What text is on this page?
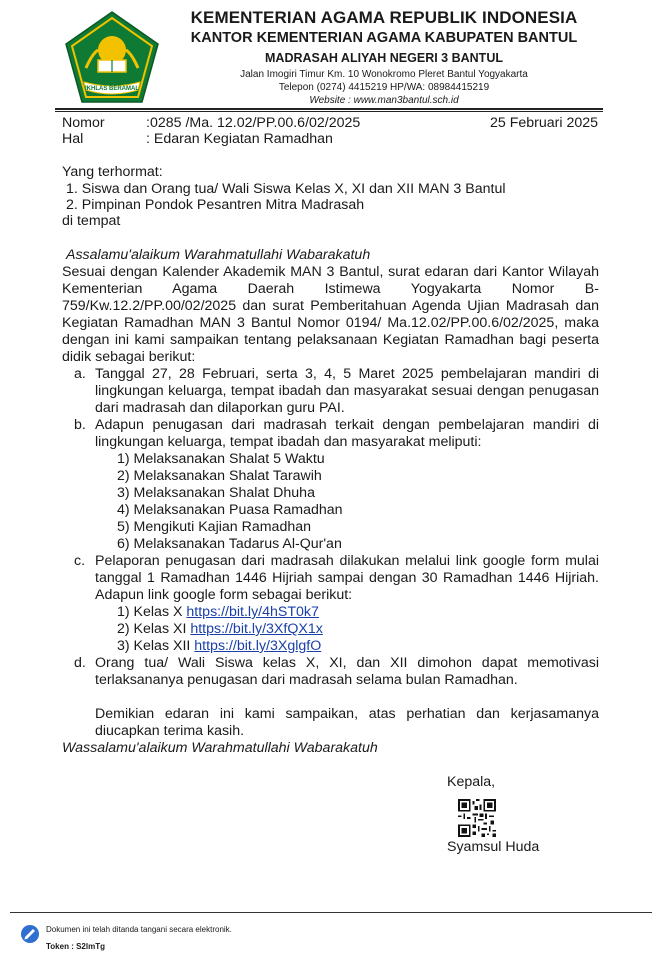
IKHLAS BERAMAL
KEMENTERIAN AGAMA REPUBLIK INDONESIA
KANTOR KEMENTERIAN AGAMA KABUPATEN BANTUL
MADRASAH ALIYAH NEGERI 3 BANTUL
Jalan Imogiri Timur Km. 10 Wonokromo Pleret Bantul Yogyakarta
Telepon (0274) 4415219 HP/WA: 08984415219
Website : www.man3bantul.sch.id
Nomor	:0285 /Ma. 12.02/PP.00.6/02/2025	25 Februari 2025
Hal	: Edaran Kegiatan Ramadhan
Yang terhormat:
1. Siswa dan Orang tua/ Wali Siswa Kelas X, XI dan XII MAN 3 Bantul
2. Pimpinan Pondok Pesantren Mitra Madrasah
di tempat
Assalamu'alaikum Warahmatullahi Wabarakatuh
Sesuai dengan Kalender Akademik MAN 3 Bantul, surat edaran dari Kantor Wilayah
Kementerian Agama Daerah Istimewa Yogyakarta Nomor B-
759/Kw.12.2/PP.00/02/2025 dan surat Pemberitahuan Agenda Ujian Madrasah dan
Kegiatan Ramadhan MAN 3 Bantul Nomor 0194/ Ma.12.02/PP.00.6/02/2025, maka
dengan ini kami sampaikan tentang pelaksanaan Kegiatan Ramadhan bagi peserta
didik sebagai berikut:
a. Tanggal 27, 28 Februari, serta 3, 4, 5 Maret 2025 pembelajaran mandiri di
lingkungan keluarga, tempat ibadah dan masyarakat sesuai dengan penugasan
dari madrasah dan dilaporkan guru PAI.
b. Adapun penugasan dari madrasah terkait dengan pembelajaran mandiri di
lingkungan keluarga, tempat ibadah dan masyarakat meliputi:
1) Melaksanakan Shalat 5 Waktu
2) Melaksanakan Shalat Tarawih
3) Melaksanakan Shalat Dhuha
4) Melaksanakan Puasa Ramadhan
5) Mengikuti Kajian Ramadhan
6) Melaksanakan Tadarus Al-Qur'an
c. Pelaporan penugasan dari madrasah dilakukan melalui link google form mulai
tanggal 1 Ramadhan 1446 Hijriah sampai dengan 30 Ramadhan 1446 Hijriah.
Adapun link google form sebagai berikut:
1) Kelas X https://bit.ly/4hST0k7
2) Kelas XI https://bit.ly/3XfQX1x
3) Kelas XII https://bit.ly/3XglgfO
d. Orang tua/ Wali Siswa kelas X, XI, dan XII dimohon dapat memotivasi
terlaksananya penugasan dari madrasah selama bulan Ramadhan.
Demikian edaran ini kami sampaikan, atas perhatian dan kerjasamanya
diucapkan terima kasih.
Wassalamu'alaikum Warahmatullahi Wabarakatuh
Kepala,
Syamsul Huda
Dokumen ini telah ditanda tangani secara elektronik.
Token : S2lmTg
